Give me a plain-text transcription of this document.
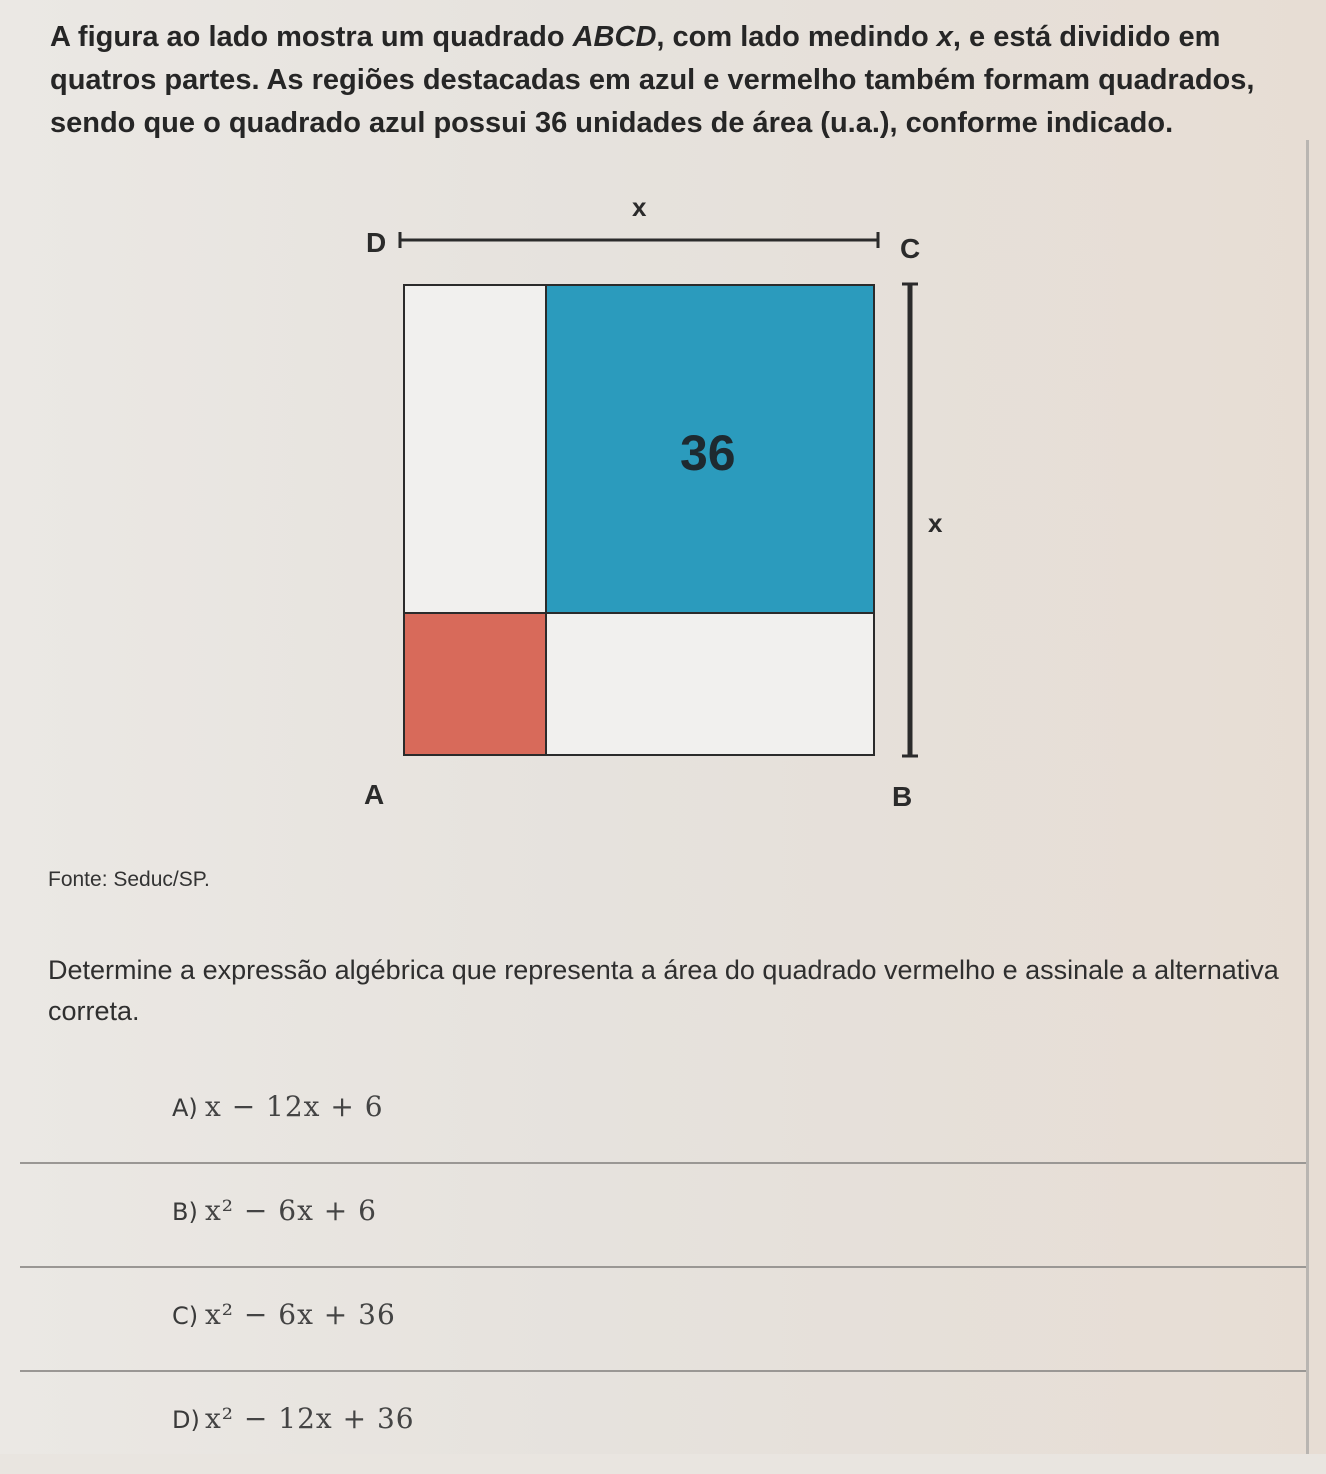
A figura ao lado mostra um quadrado ABCD, com lado medindo x, e está dividido em quatros partes. As regiões destacadas em azul e vermelho também formam quadrados, sendo que o quadrado azul possui 36 unidades de área (u.a.), conforme indicado.

x
D	C
36
x
A	B

Fonte: Seduc/SP.

Determine a expressão algébrica que representa a área do quadrado vermelho e assinale a alternativa correta.

A) x − 12x + 6
B) x² − 6x + 6
C) x² − 6x + 36
D) x² − 12x + 36
